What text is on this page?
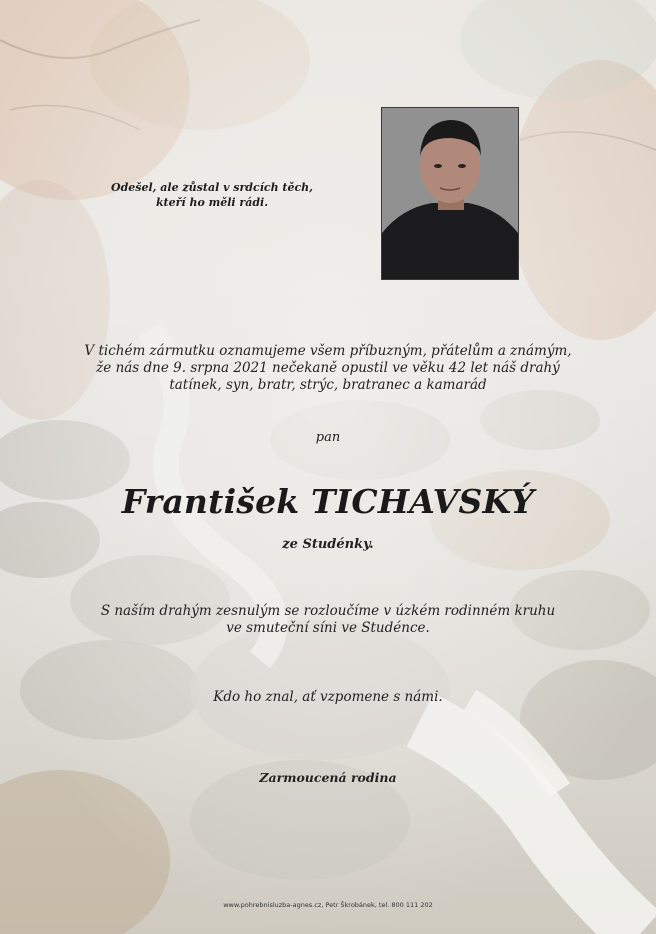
Odešel, ale zůstal v srdcích těch,
kteří ho měli rádi.
V tichém zármutku oznamujeme všem příbuzným, přátelům a známým,
že nás dne 9. srpna 2021 nečekaně opustil ve věku 42 let náš drahý
tatínek, syn, bratr, strýc, bratranec a kamarád
pan
František TICHAVSKÝ
ze Studénky.
S naším drahým zesnulým se rozloučíme v úzkém rodinném kruhu
ve smuteční síni ve Studénce.
Kdo ho znal, ať vzpomene s námi.
Zarmoucená rodina
www.pohrebnisluzba-agnes.cz, Petr Škrobánek, tel. 800 111 202
